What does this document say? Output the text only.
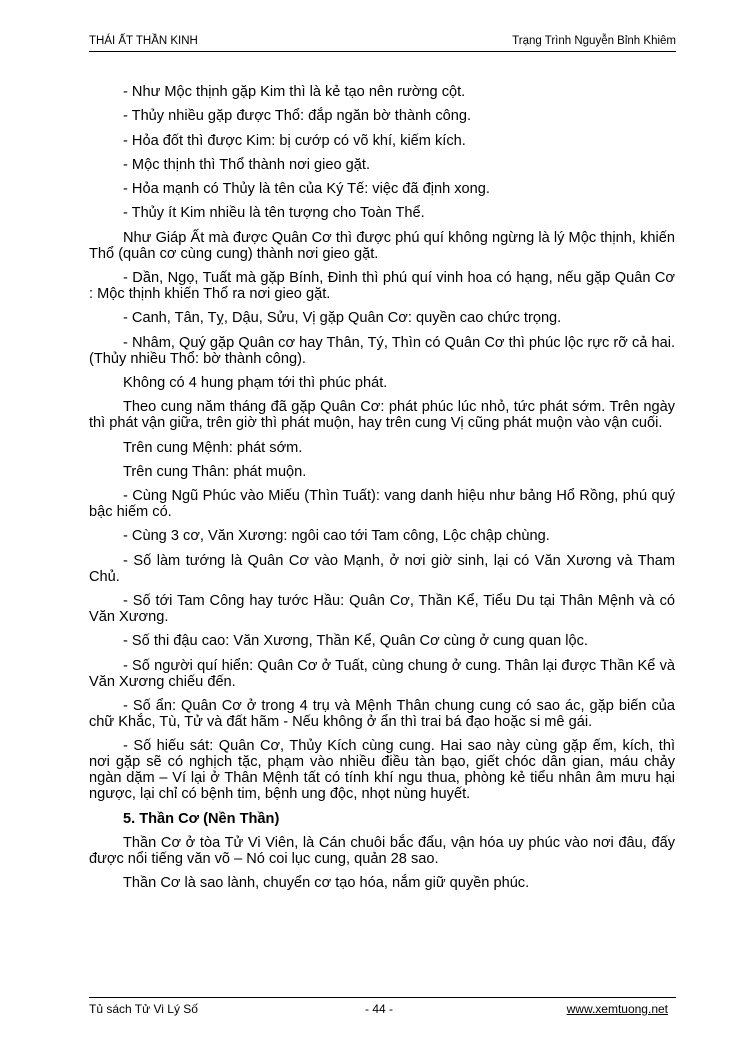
THÁI ẤT THẦN KINH	Trạng Trình Nguyễn Bỉnh Khiêm

- Như Mộc thịnh gặp Kim thì là kẻ tạo nên rường cột.

- Thủy nhiều gặp được Thổ: đắp ngăn bờ thành công.

- Hỏa đốt thì được Kim: bị cướp có võ khí, kiếm kích.

- Mộc thịnh thì Thổ thành nơi gieo gặt.

- Hỏa mạnh có Thủy là tên của Ký Tế: việc đã định xong.

- Thủy ít Kim nhiều là tên tượng cho Toàn Thể.

Như Giáp Ất mà được Quân Cơ thì được phú quí không ngừng là lý Mộc thịnh, khiến Thổ (quân cơ cùng cung) thành nơi gieo gặt.

- Dần, Ngọ, Tuất mà gặp Bính, Đinh thì phú quí vinh hoa có hạng, nếu gặp Quân Cơ : Mộc thịnh khiến Thổ ra nơi gieo gặt.

- Canh, Tân, Tỵ, Dậu, Sửu, Vị gặp Quân Cơ: quyền cao chức trọng.

- Nhâm, Quý gặp Quân cơ hay Thân, Tý, Thìn có Quân Cơ thì phúc lộc rực rỡ cả hai. (Thủy nhiều Thổ: bờ thành công).

Không có 4 hung phạm tới thì phúc phát.

Theo cung năm tháng đã gặp Quân Cơ: phát phúc lúc nhỏ, tức phát sớm. Trên ngày thì phát vận giữa, trên giờ thì phát muộn, hay trên cung Vị cũng phát muộn vào vận cuối.

Trên cung Mệnh: phát sớm.

Trên cung Thân: phát muộn.

- Cùng Ngũ Phúc vào Miếu (Thìn Tuất): vang danh hiệu như bảng Hổ Rồng, phú quý bậc hiếm có.

- Cùng 3 cơ, Văn Xương: ngôi cao tới Tam công, Lộc chập chùng.

- Số làm tướng là Quân Cơ vào Mạnh, ở nơi giờ sinh, lại có Văn Xương và Tham Chủ.

- Số tới Tam Công hay tước Hầu: Quân Cơ, Thần Kể, Tiểu Du tại Thân Mệnh và có Văn Xương.

- Số thi đậu cao: Văn Xương, Thần Kể, Quân Cơ cùng ở cung quan lộc.

- Số người quí hiển: Quân Cơ ở Tuất, cùng chung ở cung. Thân lại được Thần Kể và Văn Xương chiếu đến.

- Số ẩn: Quân Cơ ở trong 4 trụ và Mệnh Thân chung cung có sao ác, gặp biến của chữ Khắc, Tù, Tử và đất hãm - Nếu không ở ẩn thì trai bá đạo hoặc si mê gái.

- Số hiếu sát: Quân Cơ, Thủy Kích cùng cung. Hai sao này cùng gặp ếm, kích, thì nơi gặp sẽ có nghịch tặc, phạm vào nhiều điều tàn bạo, giết chóc dân gian, máu chảy ngàn dặm – Ví lại ở Thân Mệnh tất có tính khí ngu thua, phòng kẻ tiểu nhân âm mưu hại ngược, lại chỉ có bệnh tim, bệnh ung độc, nhọt nùng huyết.

5. Thần Cơ (Nền Thần)

Thần Cơ ở tòa Tử Vi Viên, là Cán chuôi bắc đẩu, vận hóa uy phúc vào nơi đâu, đấy được nổi tiếng văn võ – Nó coi lục cung, quản 28 sao.

Thần Cơ là sao lành, chuyển cơ tạo hóa, nắm giữ quyền phúc.

Tủ sách Tử Vi Lý Số	- 44 -	www.xemtuong.net
